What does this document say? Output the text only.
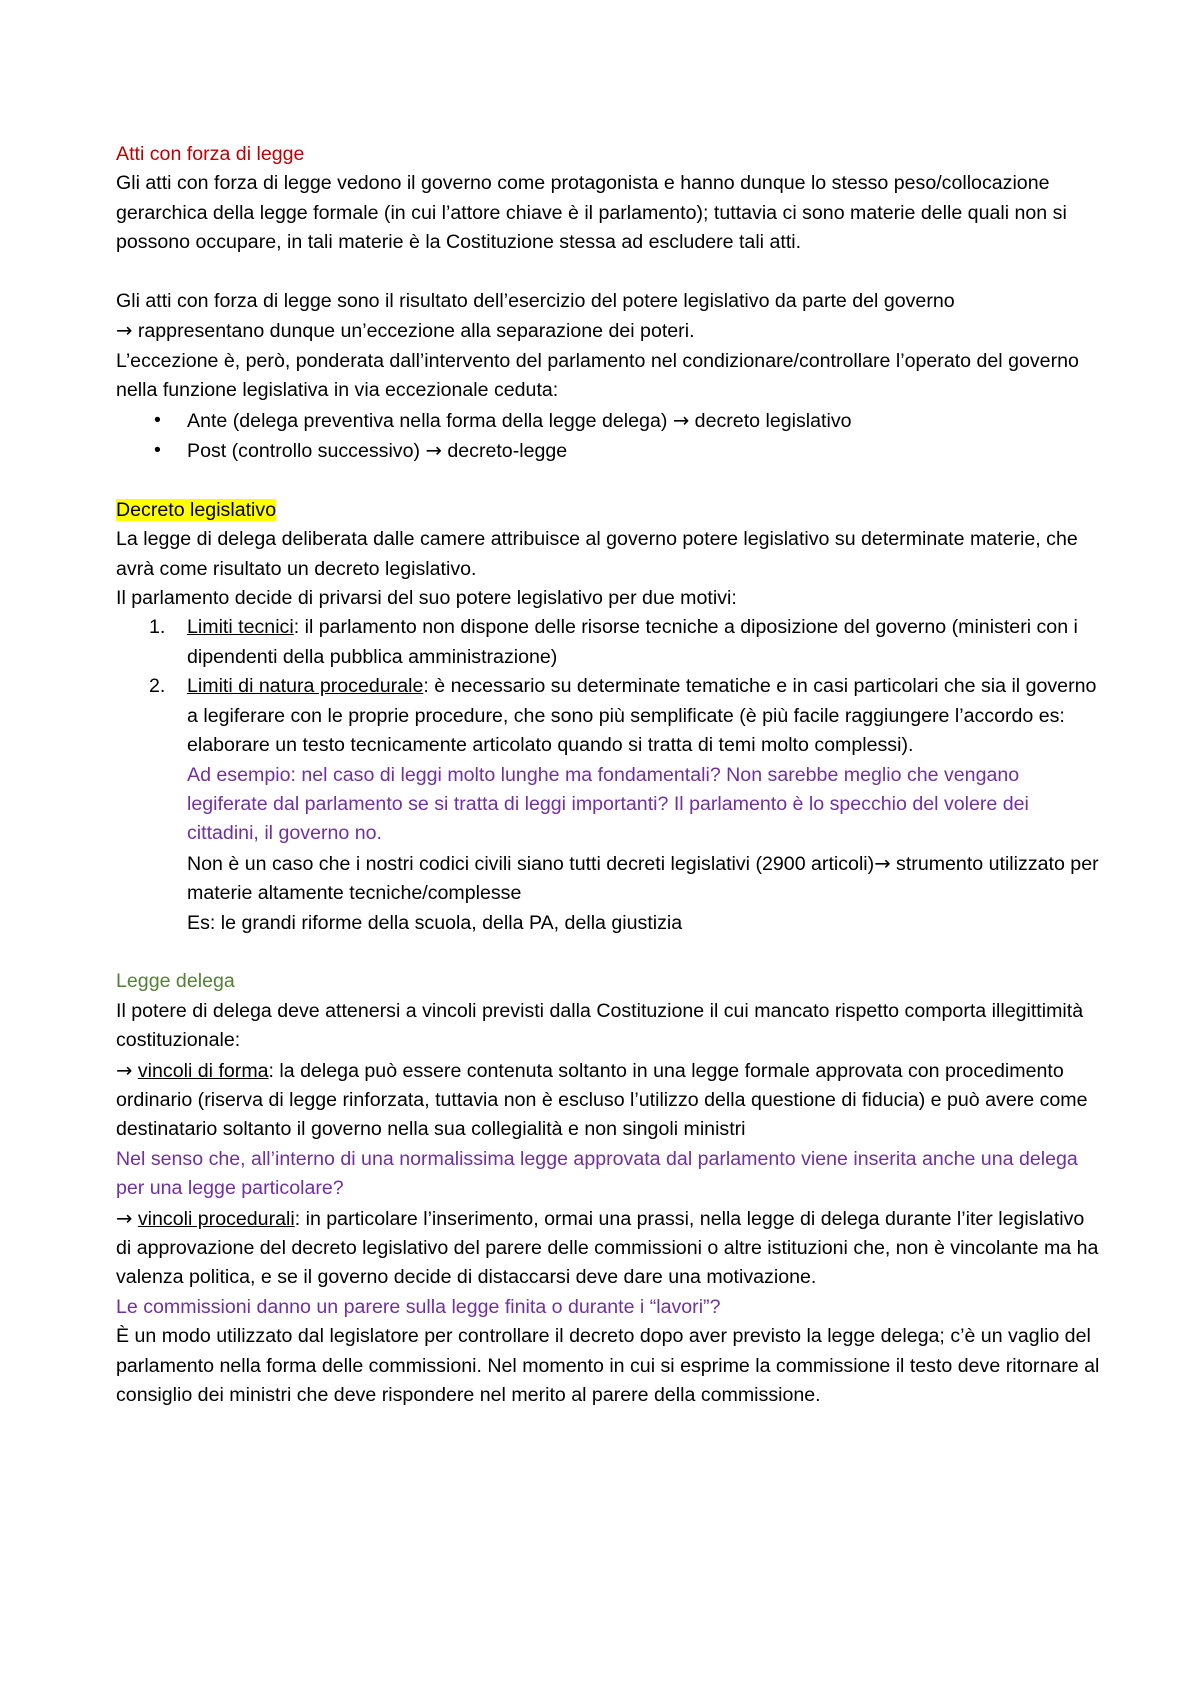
Atti con forza di legge

Gli atti con forza di legge vedono il governo come protagonista e hanno dunque lo stesso peso/collocazione gerarchica della legge formale (in cui l’attore chiave è il parlamento); tuttavia ci sono materie delle quali non si possono occupare, in tali materie è la Costituzione stessa ad escludere tali atti.

Gli atti con forza di legge sono il risultato dell’esercizio del potere legislativo da parte del governo

→ rappresentano dunque un’eccezione alla separazione dei poteri.

L’eccezione è, però, ponderata dall’intervento del parlamento nel condizionare/controllare l’operato del governo nella funzione legislativa in via eccezionale ceduta:

• Ante (delega preventiva nella forma della legge delega) → decreto legislativo
• Post (controllo successivo) → decreto-legge

Decreto legislativo

La legge di delega deliberata dalle camere attribuisce al governo potere legislativo su determinate materie, che avrà come risultato un decreto legislativo.

Il parlamento decide di privarsi del suo potere legislativo per due motivi:

1. Limiti tecnici: il parlamento non dispone delle risorse tecniche a diposizione del governo (ministeri con i dipendenti della pubblica amministrazione)
2. Limiti di natura procedurale: è necessario su determinate tematiche e in casi particolari che sia il governo a legiferare con le proprie procedure, che sono più semplificate (è più facile raggiungere l’accordo es: elaborare un testo tecnicamente articolato quando si tratta di temi molto complessi).

Ad esempio: nel caso di leggi molto lunghe ma fondamentali? Non sarebbe meglio che vengano legiferate dal parlamento se si tratta di leggi importanti? Il parlamento è lo specchio del volere dei cittadini, il governo no.

Non è un caso che i nostri codici civili siano tutti decreti legislativi (2900 articoli)→ strumento utilizzato per materie altamente tecniche/complesse

Es: le grandi riforme della scuola, della PA, della giustizia

Legge delega

Il potere di delega deve attenersi a vincoli previsti dalla Costituzione il cui mancato rispetto comporta illegittimità costituzionale:

→ vincoli di forma: la delega può essere contenuta soltanto in una legge formale approvata con procedimento ordinario (riserva di legge rinforzata, tuttavia non è escluso l’utilizzo della questione di fiducia) e può avere come destinatario soltanto il governo nella sua collegialità e non singoli ministri

Nel senso che, all’interno di una normalissima legge approvata dal parlamento viene inserita anche una delega per una legge particolare?

→ vincoli procedurali: in particolare l’inserimento, ormai una prassi, nella legge di delega durante l’iter legislativo di approvazione del decreto legislativo del parere delle commissioni o altre istituzioni che, non è vincolante ma ha valenza politica, e se il governo decide di distaccarsi deve dare una motivazione.

Le commissioni danno un parere sulla legge finita o durante i “lavori”?

È un modo utilizzato dal legislatore per controllare il decreto dopo aver previsto la legge delega; c’è un vaglio del parlamento nella forma delle commissioni. Nel momento in cui si esprime la commissione il testo deve ritornare al consiglio dei ministri che deve rispondere nel merito al parere della commissione.
